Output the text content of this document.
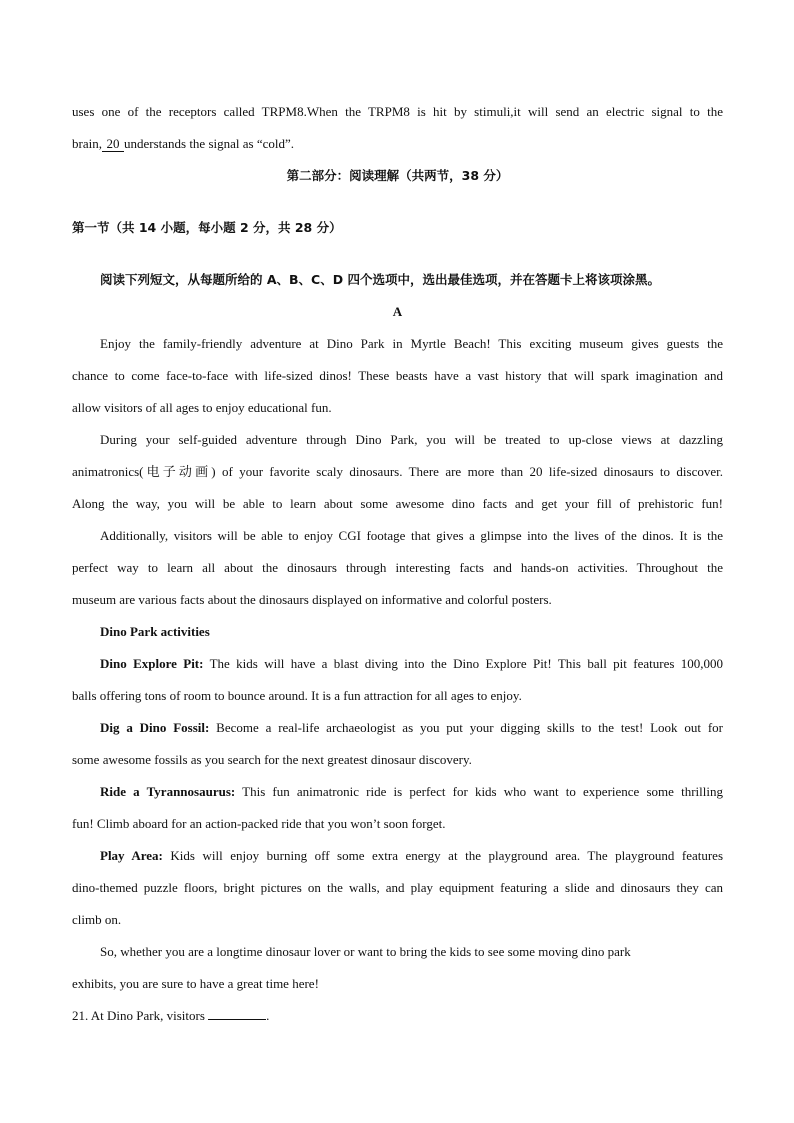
uses one of the receptors called TRPM8.When the TRPM8 is hit by stimuli,it will send an electric signal to the
brain, 20 understands the signal as “cold”.
第二部分：阅读理解（共两节，38 分）
第一节（共 14 小题，每小题 2 分，共 28 分）
阅读下列短文，从每题所给的 A、B、C、D 四个选项中，选出最佳选项，并在答题卡上将该项涂黑。
A
Enjoy the family-friendly adventure at Dino Park in Myrtle Beach! This exciting museum gives guests the
chance to come face-to-face with life-sized dinos! These beasts have a vast history that will spark imagination and
allow visitors of all ages to enjoy educational fun.
During your self-guided adventure through Dino Park, you will be treated to up-close views at dazzling
animatronics(电子动画) of your favorite scaly dinosaurs. There are more than 20 life-sized dinosaurs to discover.
Along the way, you will be able to learn about some awesome dino facts and get your fill of prehistoric fun!
Additionally, visitors will be able to enjoy CGI footage that gives a glimpse into the lives of the dinos. It is the
perfect way to learn all about the dinosaurs through interesting facts and hands-on activities. Throughout the
museum are various facts about the dinosaurs displayed on informative and colorful posters.
Dino Park activities
Dino Explore Pit: The kids will have a blast diving into the Dino Explore Pit! This ball pit features 100,000
balls offering tons of room to bounce around. It is a fun attraction for all ages to enjoy.
Dig a Dino Fossil: Become a real-life archaeologist as you put your digging skills to the test! Look out for
some awesome fossils as you search for the next greatest dinosaur discovery.
Ride a Tyrannosaurus: This fun animatronic ride is perfect for kids who want to experience some thrilling
fun! Climb aboard for an action-packed ride that you won’t soon forget.
Play Area: Kids will enjoy burning off some extra energy at the playground area. The playground features
dino-themed puzzle floors, bright pictures on the walls, and play equipment featuring a slide and dinosaurs they can
climb on.
So, whether you are a longtime dinosaur lover or want to bring the kids to see some moving dino park
exhibits, you are sure to have a great time here!
21. At Dino Park, visitors	.
